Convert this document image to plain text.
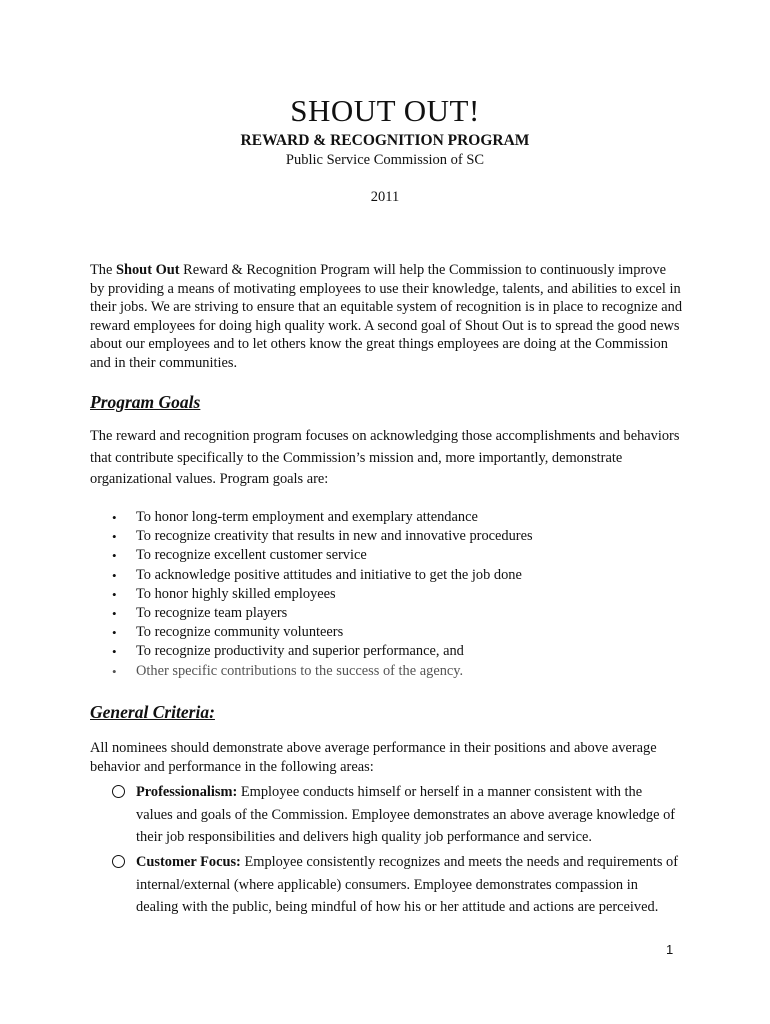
SHOUT OUT!
REWARD & RECOGNITION PROGRAM
Public Service Commission of SC
2011

The Shout Out Reward & Recognition Program will help the Commission to continuously improve by providing a means of motivating employees to use their knowledge, talents, and abilities to excel in their jobs. We are striving to ensure that an equitable system of recognition is in place to recognize and reward employees for doing high quality work. A second goal of Shout Out is to spread the good news about our employees and to let others know the great things employees are doing at the Commission and in their communities.

Program Goals

The reward and recognition program focuses on acknowledging those accomplishments and behaviors that contribute specifically to the Commission’s mission and, more importantly, demonstrate organizational values. Program goals are:

• To honor long-term employment and exemplary attendance
• To recognize creativity that results in new and innovative procedures
• To recognize excellent customer service
• To acknowledge positive attitudes and initiative to get the job done
• To honor highly skilled employees
• To recognize team players
• To recognize community volunteers
• To recognize productivity and superior performance, and
• Other specific contributions to the success of the agency.

General Criteria:

All nominees should demonstrate above average performance in their positions and above average behavior and performance in the following areas:

Professionalism: Employee conducts himself or herself in a manner consistent with the values and goals of the Commission. Employee demonstrates an above average knowledge of their job responsibilities and delivers high quality job performance and service.
Customer Focus: Employee consistently recognizes and meets the needs and requirements of internal/external (where applicable) consumers. Employee demonstrates compassion in dealing with the public, being mindful of how his or her attitude and actions are perceived.
1
